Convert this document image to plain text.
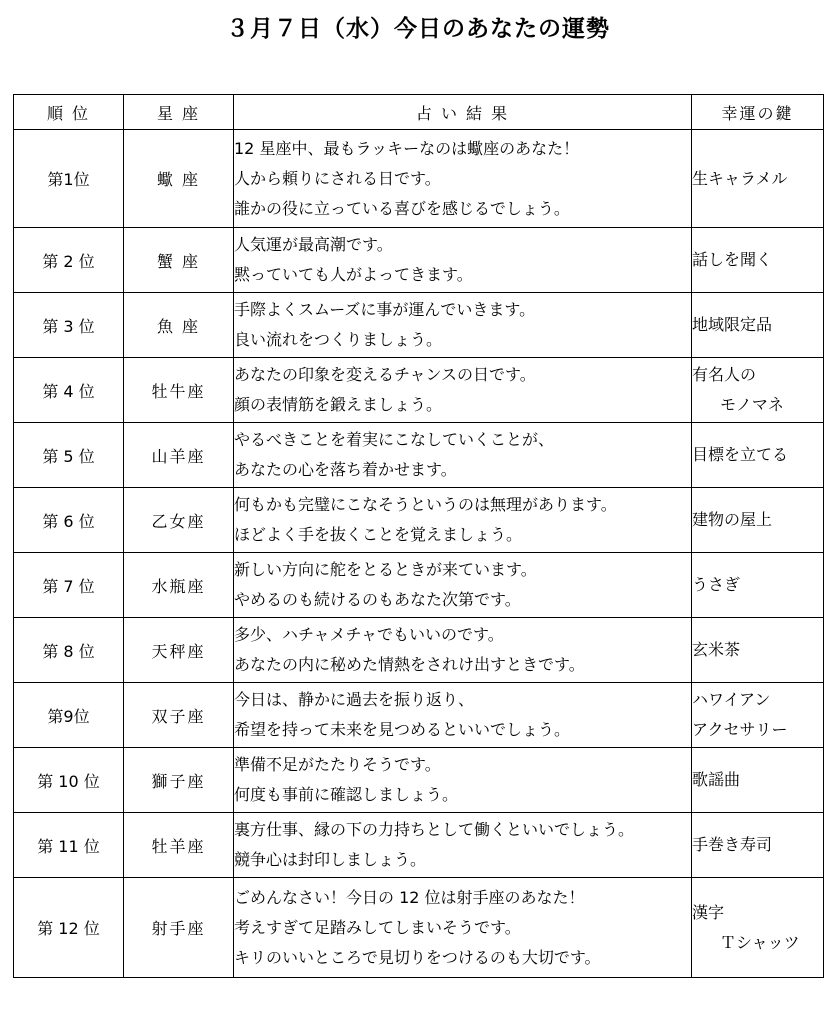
３月７日（水）今日のあなたの運勢
順 位	星 座	占 い 結 果	幸運の鍵
第1位	蠍 座	12 星座中、最もラッキーなのは蠍座のあなた！
人から頼りにされる日です。
誰かの役に立っている喜びを感じるでしょう。	生キャラメル

第 2 位	蟹 座	人気運が最高潮です。
黙っていても人がよってきます。	話しを聞く

第 3 位	魚 座	手際よくスムーズに事が運んでいきます。
良い流れをつくりましょう。	地域限定品

第 4 位	牡牛座	あなたの印象を変えるチャンスの日です。
顔の表情筋を鍛えましょう。	有名人の
モノマネ

第 5 位	山羊座	やるべきことを着実にこなしていくことが、
あなたの心を落ち着かせます。	目標を立てる

第 6 位	乙女座	何もかも完璧にこなそうというのは無理があります。
ほどよく手を抜くことを覚えましょう。	建物の屋上

第 7 位	水瓶座	新しい方向に舵をとるときが来ています。
やめるのも続けるのもあなた次第です。	うさぎ

第 8 位	天秤座	多少、ハチャメチャでもいいのです。
あなたの内に秘めた情熱をされけ出すときです。	玄米茶

第9位	双子座	今日は、静かに過去を振り返り、
希望を持って未来を見つめるといいでしょう。	ハワイアン
アクセサリー

第 10 位	獅子座	準備不足がたたりそうです。
何度も事前に確認しましょう。	歌謡曲

第 11 位	牡羊座	裏方仕事、縁の下の力持ちとして働くといいでしょう。
競争心は封印しましょう。	手巻き寿司

第 12 位	射手座	ごめんなさい！今日の 12 位は射手座のあなた！
考えすぎて足踏みしてしまいそうです。
キリのいいところで見切りをつけるのも大切です。	漢字
Ｔシャッツ
